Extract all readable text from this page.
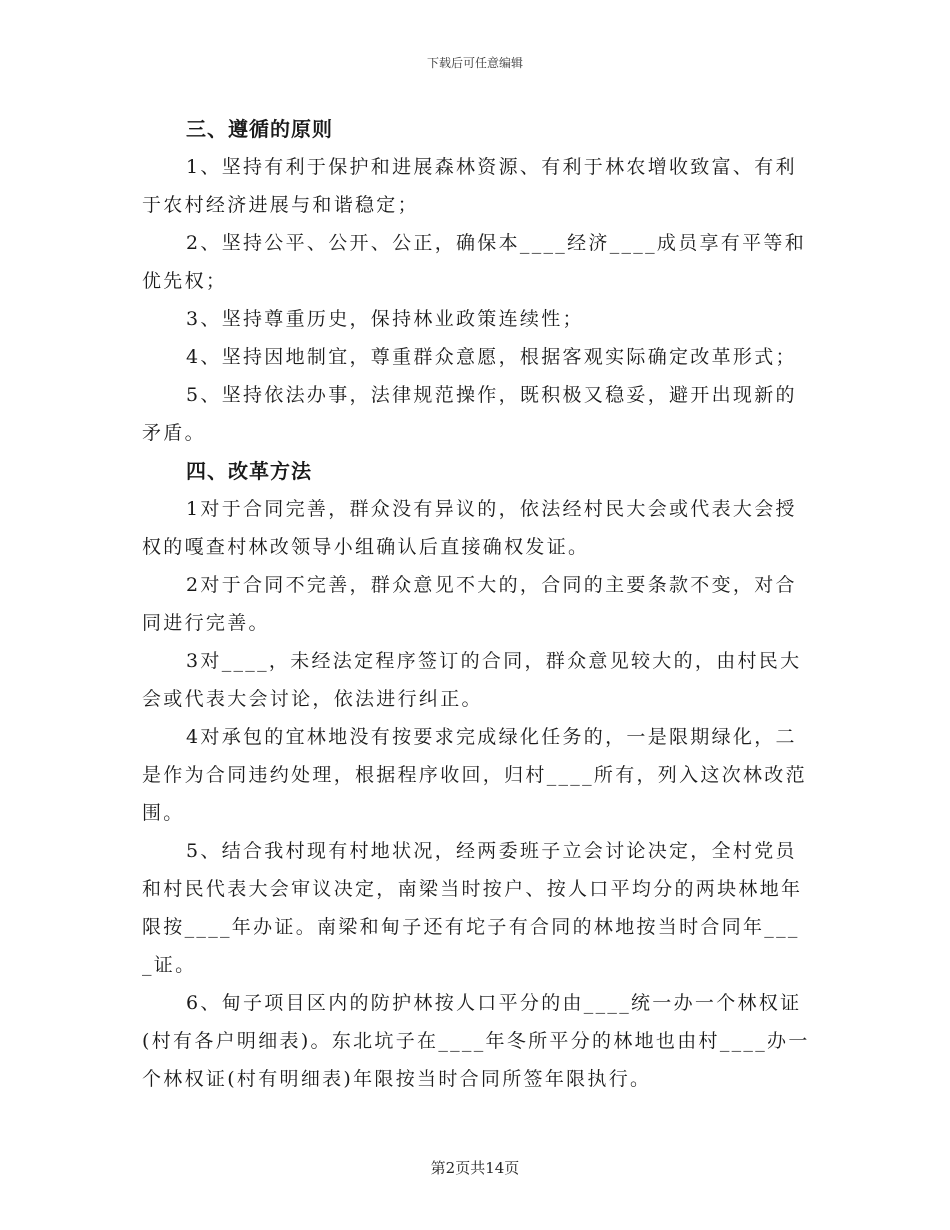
下载后可任意编辑

三、遵循的原则

1、坚持有利于保护和进展森林资源、有利于林农增收致富、有利于农村经济进展与和谐稳定；

2、坚持公平、公开、公正，确保本____经济____成员享有平等和优先权；

3、坚持尊重历史，保持林业政策连续性；

4、坚持因地制宜，尊重群众意愿，根据客观实际确定改革形式；

5、坚持依法办事，法律规范操作，既积极又稳妥，避开出现新的矛盾。

四、改革方法

1对于合同完善，群众没有异议的，依法经村民大会或代表大会授权的嘎查村林改领导小组确认后直接确权发证。

2对于合同不完善，群众意见不大的，合同的主要条款不变，对合同进行完善。

3对____，未经法定程序签订的合同，群众意见较大的，由村民大会或代表大会讨论，依法进行纠正。

4对承包的宜林地没有按要求完成绿化任务的，一是限期绿化，二是作为合同违约处理，根据程序收回，归村____所有，列入这次林改范围。

5、结合我村现有村地状况，经两委班子立会讨论决定，全村党员和村民代表大会审议决定，南梁当时按户、按人口平均分的两块林地年限按____年办证。南梁和甸子还有坨子有合同的林地按当时合同年____证。

6、甸子项目区内的防护林按人口平分的由____统一办一个林权证(村有各户明细表)。东北坑子在____年冬所平分的林地也由村____办一个林权证(村有明细表)年限按当时合同所签年限执行。

第2页共14页
